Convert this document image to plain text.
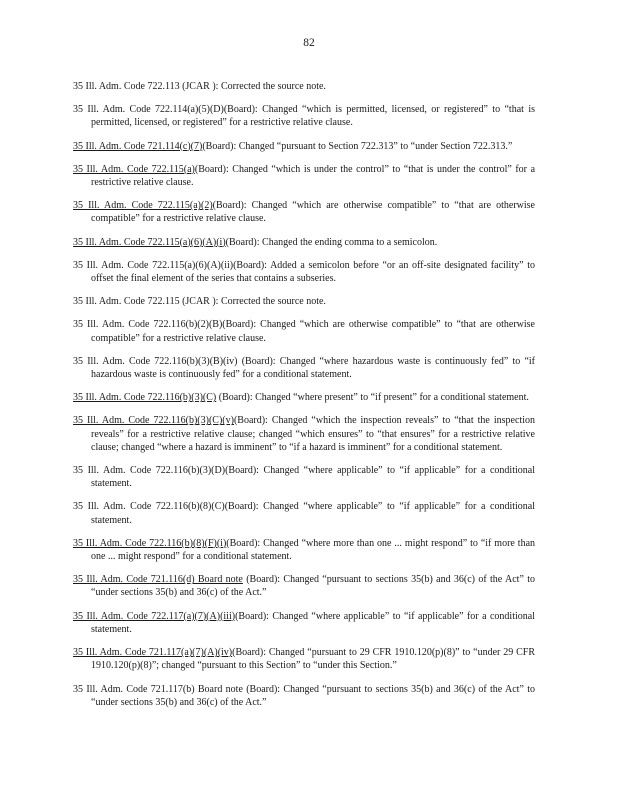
82

35 Ill. Adm. Code 722.113 (JCAR ): Corrected the source note.

35 Ill. Adm. Code 722.114(a)(5)(D)(Board): Changed “which is permitted, licensed, or registered” to “that is permitted, licensed, or registered” for a restrictive relative clause.

35 Ill. Adm. Code 721.114(c)(7)(Board): Changed “pursuant to Section 722.313” to “under Section 722.313.”

35 Ill. Adm. Code 722.115(a)(Board): Changed “which is under the control” to “that is under the control” for a restrictive relative clause.

35 Ill. Adm. Code 722.115(a)(2)(Board): Changed “which are otherwise compatible” to “that are otherwise compatible” for a restrictive relative clause.

35 Ill. Adm. Code 722.115(a)(6)(A)(i)(Board): Changed the ending comma to a semicolon.

35 Ill. Adm. Code 722.115(a)(6)(A)(ii)(Board): Added a semicolon before “or an off-site designated facility” to offset the final element of the series that contains a subseries.

35 Ill. Adm. Code 722.115 (JCAR ): Corrected the source note.

35 Ill. Adm. Code 722.116(b)(2)(B)(Board): Changed “which are otherwise compatible” to “that are otherwise compatible” for a restrictive relative clause.

35 Ill. Adm. Code 722.116(b)(3)(B)(iv) (Board): Changed “where hazardous waste is continuously fed” to “if hazardous waste is continuously fed” for a conditional statement.

35 Ill. Adm. Code 722.116(b)(3)(C) (Board): Changed “where present” to “if present” for a conditional statement.

35 Ill. Adm. Code 722.116(b)(3)(C)(v)(Board): Changed “which the inspection reveals” to “that the inspection reveals” for a restrictive relative clause; changed “which ensures” to “that ensures” for a restrictive relative clause; changed “where a hazard is imminent” to “if a hazard is imminent” for a conditional statement.

35 Ill. Adm. Code 722.116(b)(3)(D)(Board): Changed “where applicable” to “if applicable” for a conditional statement.

35 Ill. Adm. Code 722.116(b)(8)(C)(Board): Changed “where applicable” to “if applicable” for a conditional statement.

35 Ill. Adm. Code 722.116(b)(8)(F)(i)(Board): Changed “where more than one ... might respond” to “if more than one ... might respond” for a conditional statement.

35 Ill. Adm. Code 721.116(d) Board note (Board): Changed “pursuant to sections 35(b) and 36(c) of the Act” to “under sections 35(b) and 36(c) of the Act.”

35 Ill. Adm. Code 722.117(a)(7)(A)(iii)(Board): Changed “where applicable” to “if applicable” for a conditional statement.

35 Ill. Adm. Code 721.117(a)(7)(A)(iv)(Board): Changed “pursuant to 29 CFR 1910.120(p)(8)” to “under 29 CFR 1910.120(p)(8)”; changed “pursuant to this Section” to “under this Section.”

35 Ill. Adm. Code 721.117(b) Board note (Board): Changed “pursuant to sections 35(b) and 36(c) of the Act” to “under sections 35(b) and 36(c) of the Act.”
